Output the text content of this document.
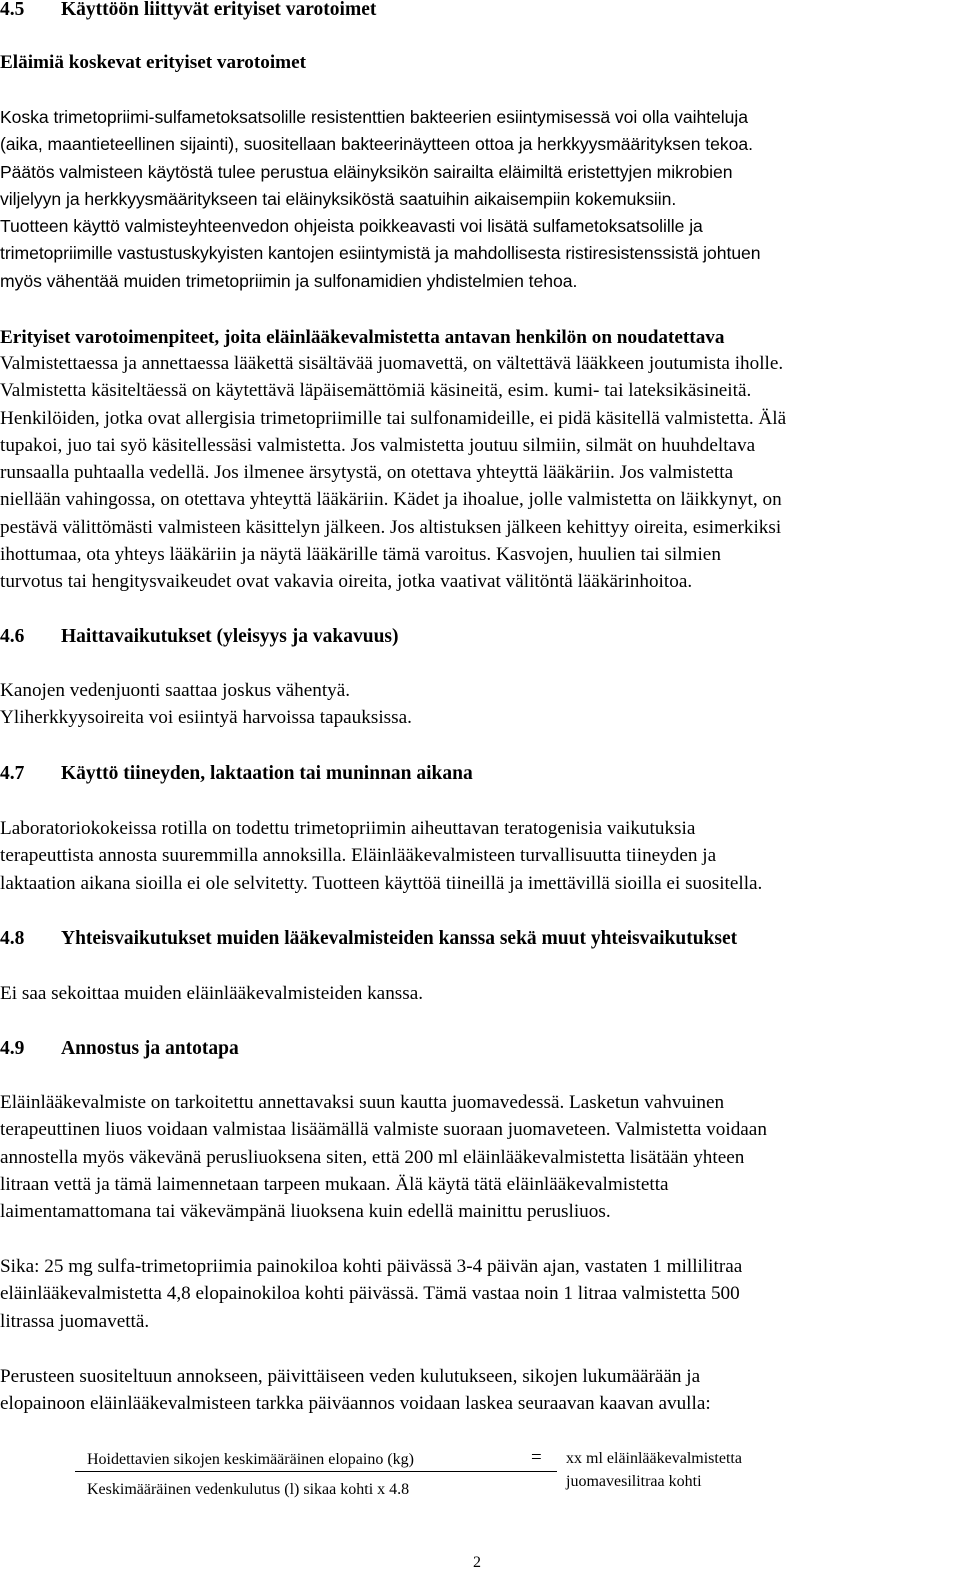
4.5 Käyttöön liittyvät erityiset varotoimet
Eläimiä koskevat erityiset varotoimet
Koska trimetopriimi-sulfametoksatsolille resistenttien bakteerien esiintymisessä voi olla vaihteluja
(aika, maantieteellinen sijainti), suositellaan bakteerinäytteen ottoa ja herkkyysmäärityksen tekoa.
Päätös valmisteen käytöstä tulee perustua eläinyksikön sairailta eläimiltä eristettyjen mikrobien
viljelyyn ja herkkyysmääritykseen tai eläinyksiköstä saatuihin aikaisempiin kokemuksiin.
Tuotteen käyttö valmisteyhteenvedon ohjeista poikkeavasti voi lisätä sulfametoksatsolille ja
trimetopriimille vastustuskykyisten kantojen esiintymistä ja mahdollisesta ristiresistenssistä johtuen
myös vähentää muiden trimetopriimin ja sulfonamidien yhdistelmien tehoa.
Erityiset varotoimenpiteet, joita eläinlääkevalmistetta antavan henkilön on noudatettava
Valmistettaessa ja annettaessa lääkettä sisältävää juomavettä, on vältettävä lääkkeen joutumista iholle.
Valmistetta käsiteltäessä on käytettävä läpäisemättömiä käsineitä, esim. kumi- tai lateksikäsineitä.
Henkilöiden, jotka ovat allergisia trimetopriimille tai sulfonamideille, ei pidä käsitellä valmistetta. Älä
tupakoi, juo tai syö käsitellessäsi valmistetta. Jos valmistetta joutuu silmiin, silmät on huuhdeltava
runsaalla puhtaalla vedellä. Jos ilmenee ärsytystä, on otettava yhteyttä lääkäriin. Jos valmistetta
niellään vahingossa, on otettava yhteyttä lääkäriin. Kädet ja ihoalue, jolle valmistetta on läikkynyt, on
pestävä välittömästi valmisteen käsittelyn jälkeen. Jos altistuksen jälkeen kehittyy oireita, esimerkiksi
ihottumaa, ota yhteys lääkäriin ja näytä lääkärille tämä varoitus. Kasvojen, huulien tai silmien
turvotus tai hengitysvaikeudet ovat vakavia oireita, jotka vaativat välitöntä lääkärinhoitoa.
4.6 Haittavaikutukset (yleisyys ja vakavuus)
Kanojen vedenjuonti saattaa joskus vähentyä.
Yliherkkyysoireita voi esiintyä harvoissa tapauksissa.
4.7 Käyttö tiineyden, laktaation tai muninnan aikana
Laboratoriokokeissa rotilla on todettu trimetopriimin aiheuttavan teratogenisia vaikutuksia
terapeuttista annosta suuremmilla annoksilla. Eläinlääkevalmisteen turvallisuutta tiineyden ja
laktaation aikana sioilla ei ole selvitetty. Tuotteen käyttöä tiineillä ja imettävillä sioilla ei suositella.
4.8 Yhteisvaikutukset muiden lääkevalmisteiden kanssa sekä muut yhteisvaikutukset
Ei saa sekoittaa muiden eläinlääkevalmisteiden kanssa.
4.9 Annostus ja antotapa
Eläinlääkevalmiste on tarkoitettu annettavaksi suun kautta juomavedessä. Lasketun vahvuinen
terapeuttinen liuos voidaan valmistaa lisäämällä valmiste suoraan juomaveteen. Valmistetta voidaan
annostella myös väkevänä perusliuoksena siten, että 200 ml eläinlääkevalmistetta lisätään yhteen
litraan vettä ja tämä laimennetaan tarpeen mukaan. Älä käytä tätä eläinlääkevalmistetta
laimentamattomana tai väkevämpänä liuoksena kuin edellä mainittu perusliuos.
Sika: 25 mg sulfa-trimetopriimia painokiloa kohti päivässä 3-4 päivän ajan, vastaten 1 millilitraa
eläinlääkevalmistetta 4,8 elopainokiloa kohti päivässä. Tämä vastaa noin 1 litraa valmistetta 500
litrassa juomavettä.
Perusteen suositeltuun annokseen, päivittäiseen veden kulutukseen, sikojen lukumäärään ja
elopainoon eläinlääkevalmisteen tarkka päiväannos voidaan laskea seuraavan kaavan avulla:
Hoidettavien sikojen keskimääräinen elopaino (kg)	=
Keskimääräinen vedenkulutus (l) sikaa kohti x 4.8
xx ml eläinlääkevalmistetta
juomavesilitraa kohti
2
